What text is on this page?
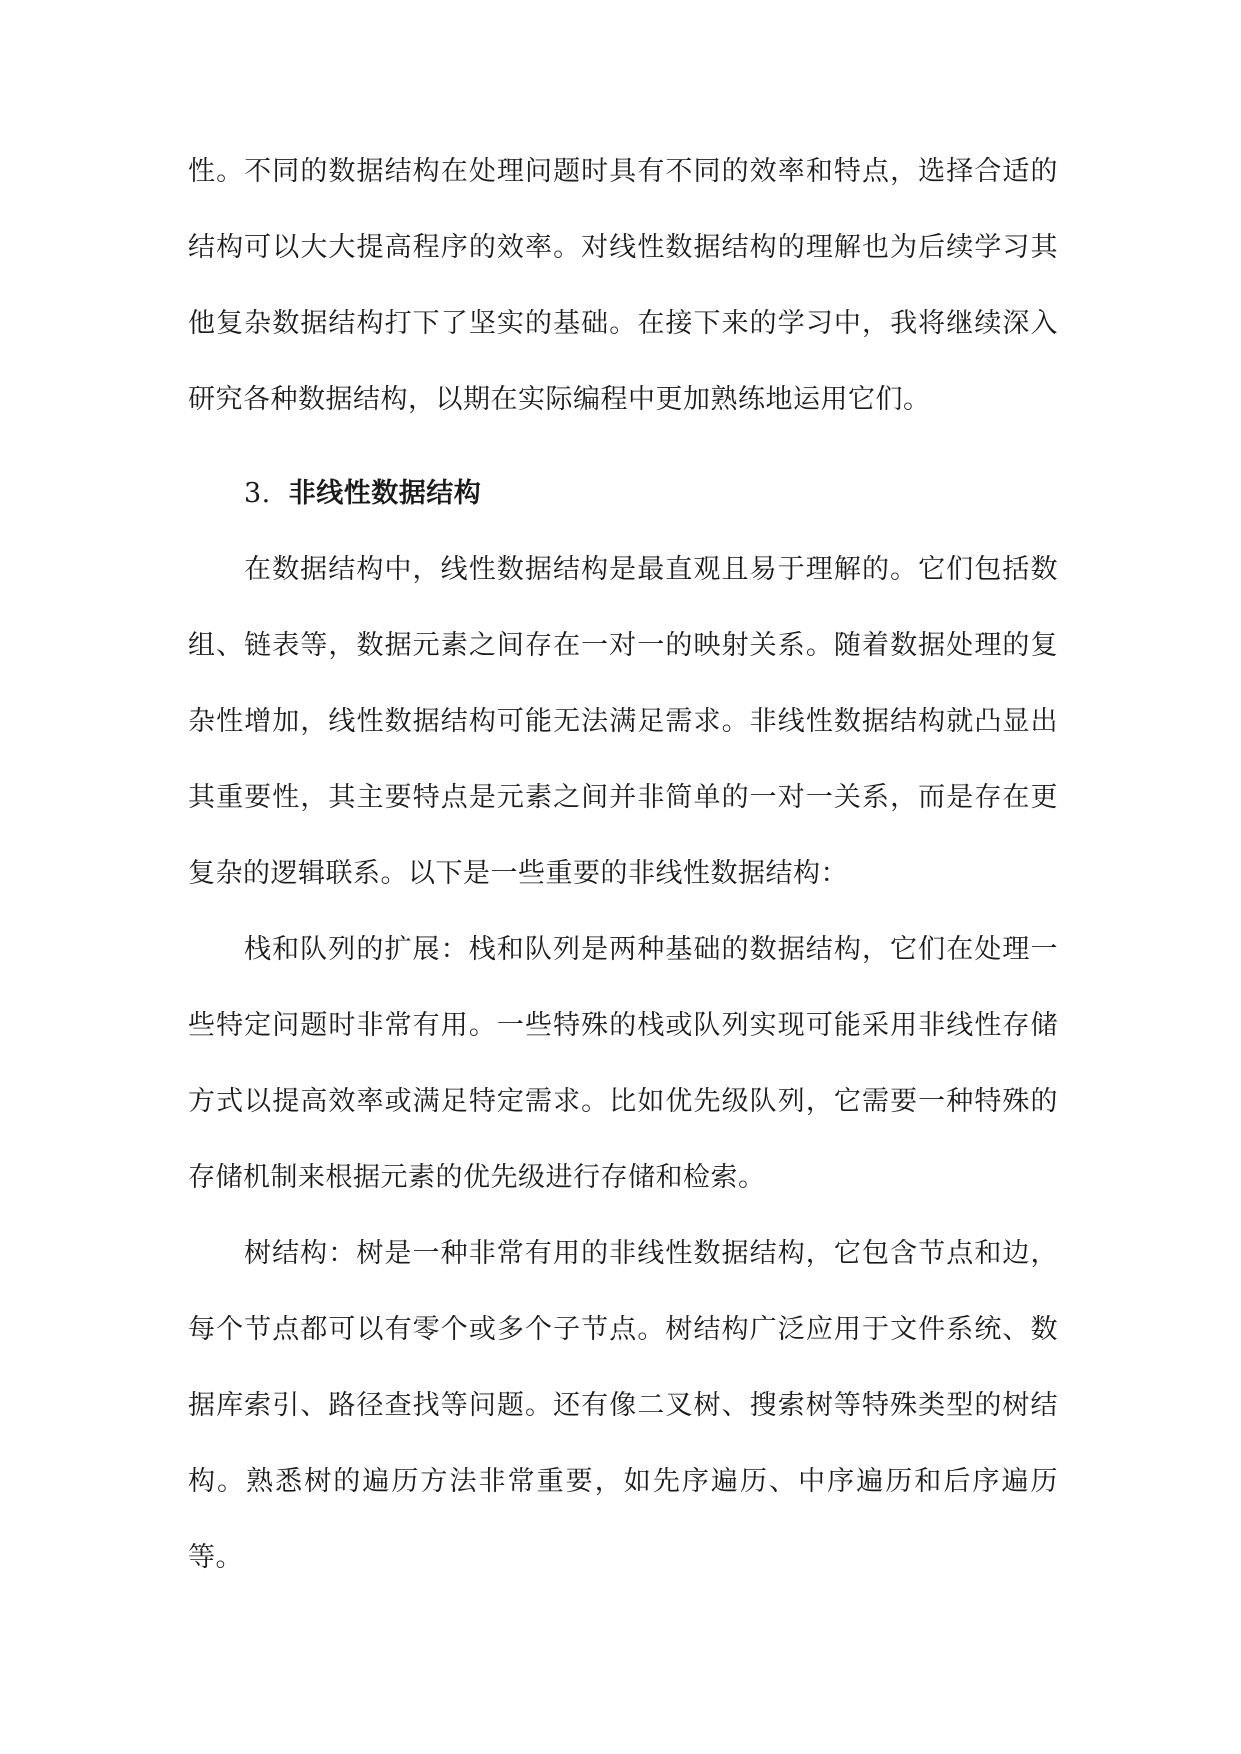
性。不同的数据结构在处理问题时具有不同的效率和特点，选择合适的结构可以大大提高程序的效率。对线性数据结构的理解也为后续学习其他复杂数据结构打下了坚实的基础。在接下来的学习中，我将继续深入研究各种数据结构，以期在实际编程中更加熟练地运用它们。

3. 非线性数据结构

在数据结构中，线性数据结构是最直观且易于理解的。它们包括数组、链表等，数据元素之间存在一对一的映射关系。随着数据处理的复杂性增加，线性数据结构可能无法满足需求。非线性数据结构就凸显出其重要性，其主要特点是元素之间并非简单的一对一关系，而是存在更复杂的逻辑联系。以下是一些重要的非线性数据结构：

栈和队列的扩展：栈和队列是两种基础的数据结构，它们在处理一些特定问题时非常有用。一些特殊的栈或队列实现可能采用非线性存储方式以提高效率或满足特定需求。比如优先级队列，它需要一种特殊的存储机制来根据元素的优先级进行存储和检索。

树结构：树是一种非常有用的非线性数据结构，它包含节点和边，每个节点都可以有零个或多个子节点。树结构广泛应用于文件系统、数据库索引、路径查找等问题。还有像二叉树、搜索树等特殊类型的树结构。熟悉树的遍历方法非常重要，如先序遍历、中序遍历和后序遍历等。
